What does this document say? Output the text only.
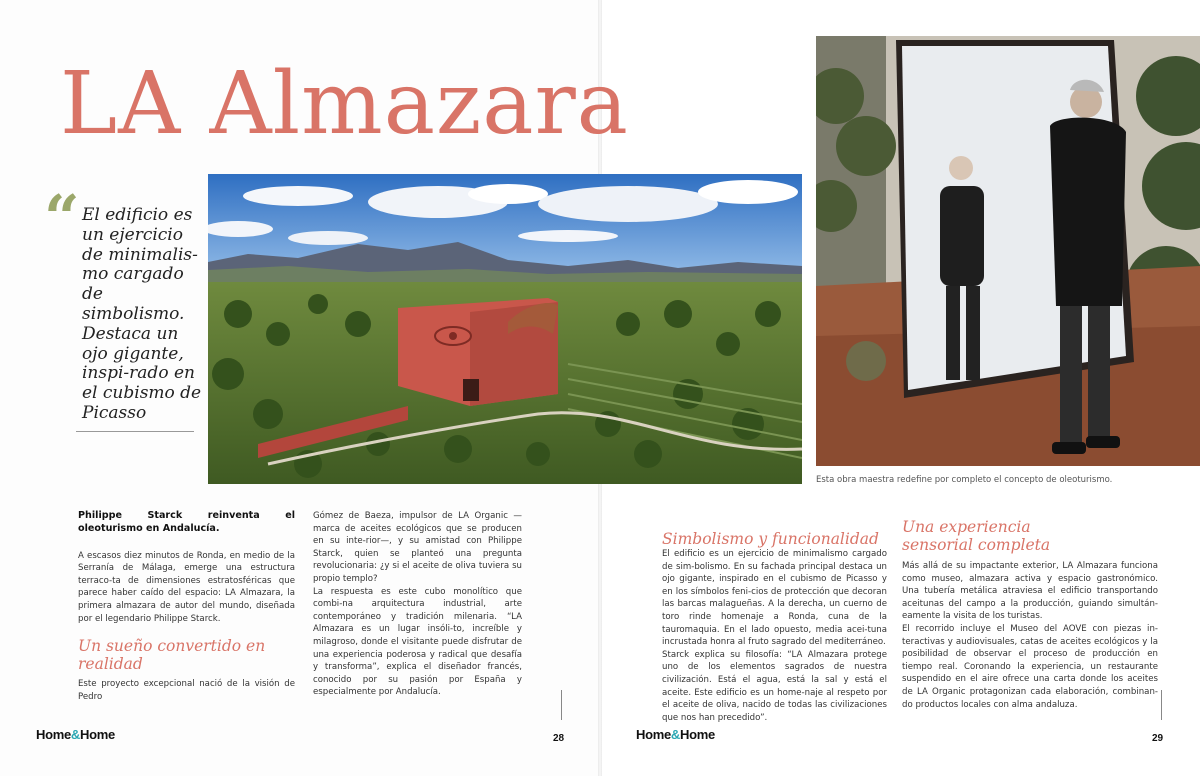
LA Almazara
“ El edificio es un ejercicio de minimalis-mo cargado de simbolismo. Destaca un ojo gigante, inspi-rado en el cubismo de Picasso
Esta obra maestra redefine por completo el concepto de oleoturismo.

Philippe Starck reinventa el oleoturismo en Andalucía.

A escasos diez minutos de Ronda, en medio de la Serranía de Málaga, emerge una estructura terraco-ta de dimensiones estratosféricas que parece haber caído del espacio: LA Almazara, la primera almazara de autor del mundo, diseñada por el legendario Philippe Starck.

Un sueño convertido en realidad
Este proyecto excepcional nació de la visión de Pedro

Gómez de Baeza, impulsor de LA Organic —marca de aceites ecológicos que se producen en su inte-rior—, y su amistad con Philippe Starck, quien se planteó una pregunta revolucionaria: ¿y si el aceite de oliva tuviera su propio templo?

La respuesta es este cubo monolítico que combi-na arquitectura industrial, arte contemporáneo y tradición milenaria. “LA Almazara es un lugar insóli-to, increíble y milagroso, donde el visitante puede disfrutar de una experiencia poderosa y radical que desafía y transforma”, explica el diseñador francés, conocido por su pasión por España y especialmente por Andalucía.

Home&Home	28
Simbolismo y funcionalidad

El edificio es un ejercicio de minimalismo cargado de sim-bolismo. En su fachada principal destaca un ojo gigante, inspirado en el cubismo de Picasso y en los símbolos feni-cios de protección que decoran las barcas malagueñas. A la derecha, un cuerno de toro rinde homenaje a Ronda, cuna de la tauromaquia. En el lado opuesto, media acei-tuna incrustada honra al fruto sagrado del mediterráneo.

Starck explica su filosofía: “LA Almazara protege uno de los elementos sagrados de nuestra civilización. Está el agua, está la sal y está el aceite. Este edificio es un home-naje al respeto por el aceite de oliva, nacido de todas las civilizaciones que nos han precedido”.

Una experiencia sensorial completa

Más allá de su impactante exterior, LA Almazara funciona como museo, almazara activa y espacio gastronómico. Una tubería metálica atraviesa el edificio transportando aceitunas del campo a la producción, guiando simultán-eamente la visita de los turistas.

El recorrido incluye el Museo del AOVE con piezas in-teractivas y audiovisuales, catas de aceites ecológicos y la posibilidad de observar el proceso de producción en tiempo real. Coronando la experiencia, un restaurante suspendido en el aire ofrece una carta donde los aceites de LA Organic protagonizan cada elaboración, combinan-do productos locales con alma andaluza.

Home&Home	29
